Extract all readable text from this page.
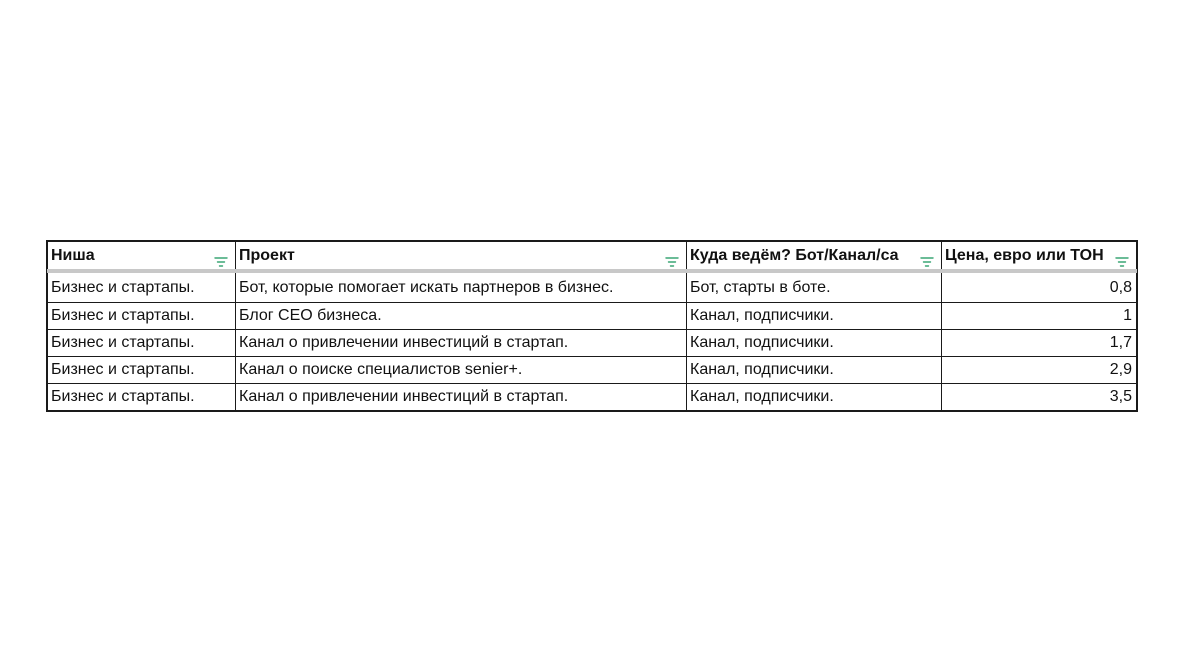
Ниша	Проект	Куда ведём? Бот/Канал/са	Цена, евро или ТОН

Бизнес и стартапы.	Бот, которые помогает искать партнеров в бизнес.	Бот, старты в боте.	0,8
Бизнес и стартапы.	Блог CEO бизнеса.	Канал, подписчики.	1
Бизнес и стартапы.	Канал о привлечении инвестиций в стартап.	Канал, подписчики.	1,7
Бизнес и стартапы.	Канал о поиске специалистов senier+.	Канал, подписчики.	2,9
Бизнес и стартапы.	Канал о привлечении инвестиций в стартап.	Канал, подписчики.	3,5
